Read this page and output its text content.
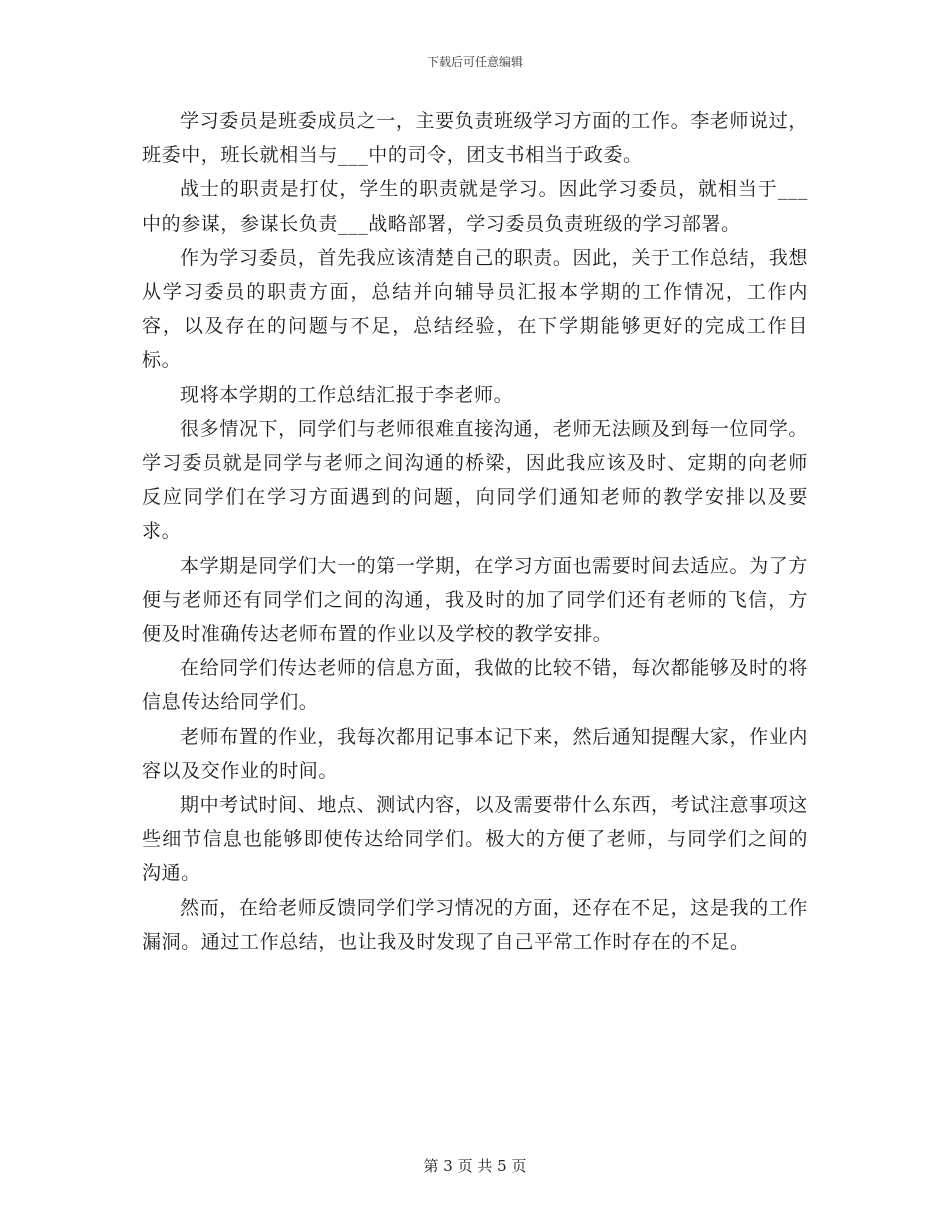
下载后可任意编辑

学习委员是班委成员之一，主要负责班级学习方面的工作。李老师说过，班委中，班长就相当与___中的司令，团支书相当于政委。

战士的职责是打仗，学生的职责就是学习。因此学习委员，就相当于___中的参谋，参谋长负责___战略部署，学习委员负责班级的学习部署。

作为学习委员，首先我应该清楚自己的职责。因此，关于工作总结，我想从学习委员的职责方面，总结并向辅导员汇报本学期的工作情况，工作内容，以及存在的问题与不足，总结经验，在下学期能够更好的完成工作目标。

现将本学期的工作总结汇报于李老师。

很多情况下，同学们与老师很难直接沟通，老师无法顾及到每一位同学。学习委员就是同学与老师之间沟通的桥梁，因此我应该及时、定期的向老师反应同学们在学习方面遇到的问题，向同学们通知老师的教学安排以及要求。

本学期是同学们大一的第一学期，在学习方面也需要时间去适应。为了方便与老师还有同学们之间的沟通，我及时的加了同学们还有老师的飞信，方便及时准确传达老师布置的作业以及学校的教学安排。

在给同学们传达老师的信息方面，我做的比较不错，每次都能够及时的将信息传达给同学们。

老师布置的作业，我每次都用记事本记下来，然后通知提醒大家，作业内容以及交作业的时间。

期中考试时间、地点、测试内容，以及需要带什么东西，考试注意事项这些细节信息也能够即使传达给同学们。极大的方便了老师，与同学们之间的沟通。

然而，在给老师反馈同学们学习情况的方面，还存在不足，这是我的工作漏洞。通过工作总结，也让我及时发现了自己平常工作时存在的不足。

第 3 页 共 5 页
